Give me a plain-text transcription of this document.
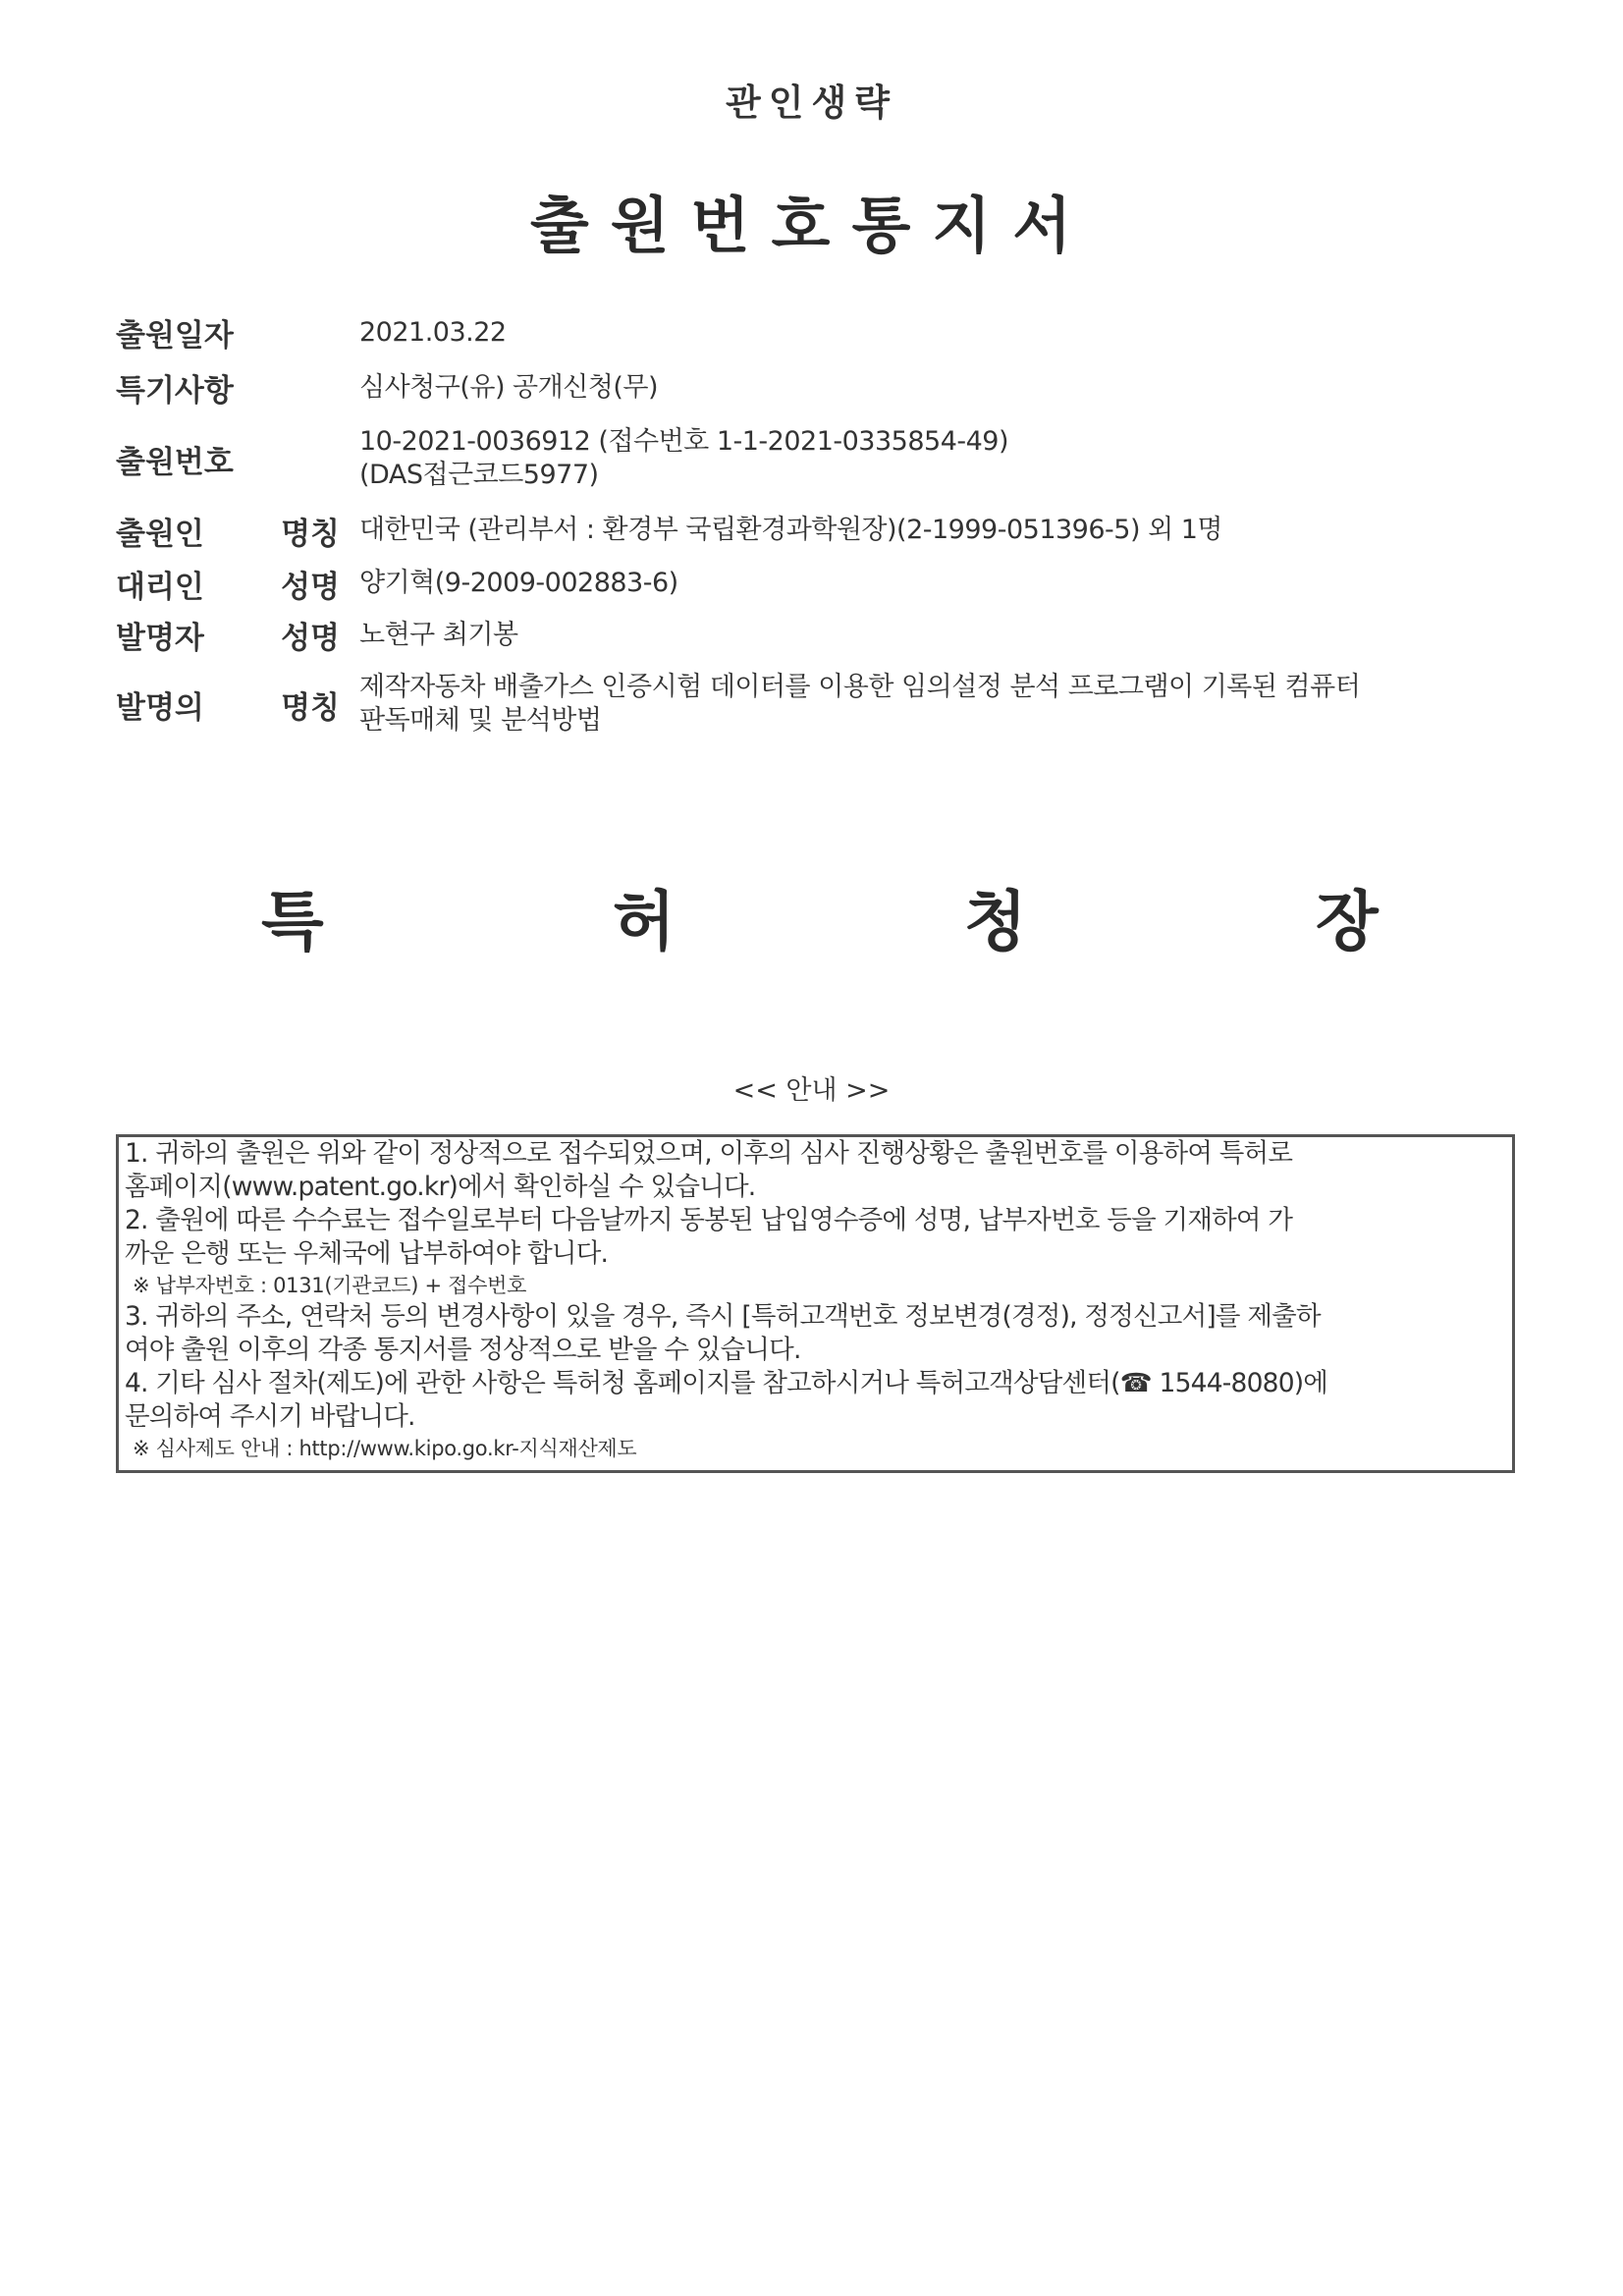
관인생략
출원번호통지서
출원일자	2021.03.22
특기사항	심사청구(유) 공개신청(무)
출원번호	10-2021-0036912 (접수번호 1-1-2021-0335854-49)
(DAS접근코드5977)

출원인 명칭	대한민국 (관리부서 : 환경부 국립환경과학원장)(2-1999-051396-5) 외 1명
대리인 성명	양기혁(9-2009-002883-6)
발명자 성명	노현구 최기봉
발명의 명칭	제작자동차 배출가스 인증시험 데이터를 이용한 임의설정 분석 프로그램이 기록된 컴퓨터
판독매체 및 분석방법
특	허	청	장
<< 안내 >>

1. 귀하의 출원은 위와 같이 정상적으로 접수되었으며, 이후의 심사 진행상황은 출원번호를 이용하여 특허로

홈페이지(www.patent.go.kr)에서 확인하실 수 있습니다.

2. 출원에 따른 수수료는 접수일로부터 다음날까지 동봉된 납입영수증에 성명, 납부자번호 등을 기재하여 가

까운 은행 또는 우체국에 납부하여야 합니다.

※ 납부자번호 : 0131(기관코드) + 접수번호

3. 귀하의 주소, 연락처 등의 변경사항이 있을 경우, 즉시 [특허고객번호 정보변경(경정), 정정신고서]를 제출하

여야 출원 이후의 각종 통지서를 정상적으로 받을 수 있습니다.

4. 기타 심사 절차(제도)에 관한 사항은 특허청 홈페이지를 참고하시거나 특허고객상담센터(☎ 1544-8080)에

문의하여 주시기 바랍니다.

※ 심사제도 안내 : http://www.kipo.go.kr-지식재산제도
